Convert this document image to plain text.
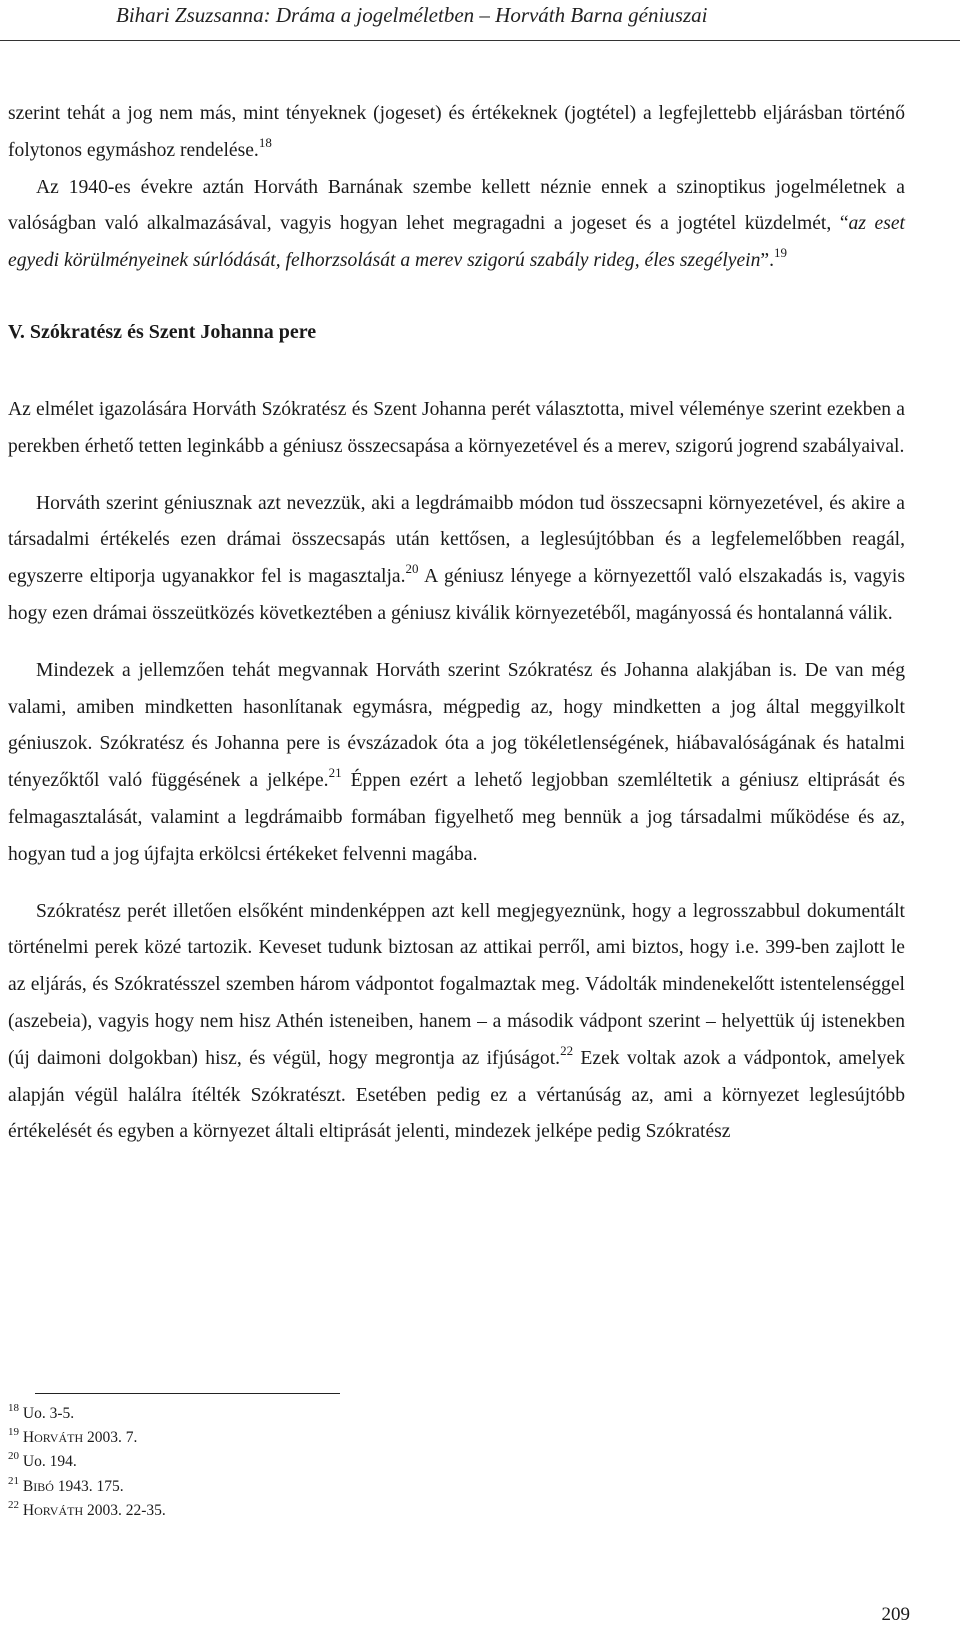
Bihari Zsuzsanna: Dráma a jogelméletben – Horváth Barna géniuszai

szerint tehát a jog nem más, mint tényeknek (jogeset) és értékeknek (jogtétel) a legfejlettebb eljárásban történő folytonos egymáshoz rendelése.$^{18}$

Az 1940-es évekre aztán Horváth Barnának szembe kellett néznie ennek a szinoptikus jogelméletnek a valóságban való alkalmazásával, vagyis hogyan lehet megragadni a jogeset és a jogtétel küzdelmét, “az eset egyedi körülményeinek súrlódását, felhorzsolását a merev szigorú szabály rideg, éles szegélyein”.$^{19}$

V. Szókratész és Szent Johanna pere

Az elmélet igazolására Horváth Szókratész és Szent Johanna perét választotta, mivel véleménye szerint ezekben a perekben érhető tetten leginkább a géniusz összecsapása a környezetével és a merev, szigorú jogrend szabályaival.

Horváth szerint géniusznak azt nevezzük, aki a legdrámaibb módon tud összecsapni környezetével, és akire a társadalmi értékelés ezen drámai összecsapás után kettősen, a leglesújtóbban és a legfelemelőbben reagál, egyszerre eltiporja ugyanakkor fel is magasztalja.$^{20}$ A géniusz lényege a környezettől való elszakadás is, vagyis hogy ezen drámai összeütközés következtében a géniusz kiválik környezetéből, magányossá és hontalanná válik.

Mindezek a jellemzően tehát megvannak Horváth szerint Szókratész és Johanna alakjában is. De van még valami, amiben mindketten hasonlítanak egymásra, mégpedig az, hogy mindketten a jog által meggyilkolt géniuszok. Szókratész és Johanna pere is évszázadok óta a jog tökéletlenségének, hiábavalóságának és hatalmi tényezőktől való függésének a jelképe.$^{21}$ Éppen ezért a lehető legjobban szemléltetik a géniusz eltiprását és felmagasztalását, valamint a legdrámaibb formában figyelhető meg bennük a jog társadalmi működése és az, hogyan tud a jog újfajta erkölcsi értékeket felvenni magába.

Szókratész perét illetően elsőként mindenképpen azt kell megjegyeznünk, hogy a legrosszabbul dokumentált történelmi perek közé tartozik. Keveset tudunk biztosan az attikai perről, ami biztos, hogy i.e. 399-ben zajlott le az eljárás, és Szókratésszel szemben három vádpontot fogalmaztak meg. Vádolták mindenekelőtt istentelenséggel (aszebeia), vagyis hogy nem hisz Athén isteneiben, hanem – a második vádpont szerint – helyettük új istenekben (új daimoni dolgokban) hisz, és végül, hogy megrontja az ifjúságot.$^{22}$ Ezek voltak azok a vádpontok, amelyek alapján végül halálra ítélték Szókratészt. Esetében pedig ez a vértanúság az, ami a környezet leglesújtóbb értékelését és egyben a környezet általi eltiprását jelenti, mindezek jelképe pedig Szókratész

$^{18}$ Uo. 3-5.
$^{19}$ HORVÁTH 2003. 7.
$^{20}$ Uo. 194.
$^{21}$ BIBÓ 1943. 175.
$^{22}$ HORVÁTH 2003. 22-35.
209
